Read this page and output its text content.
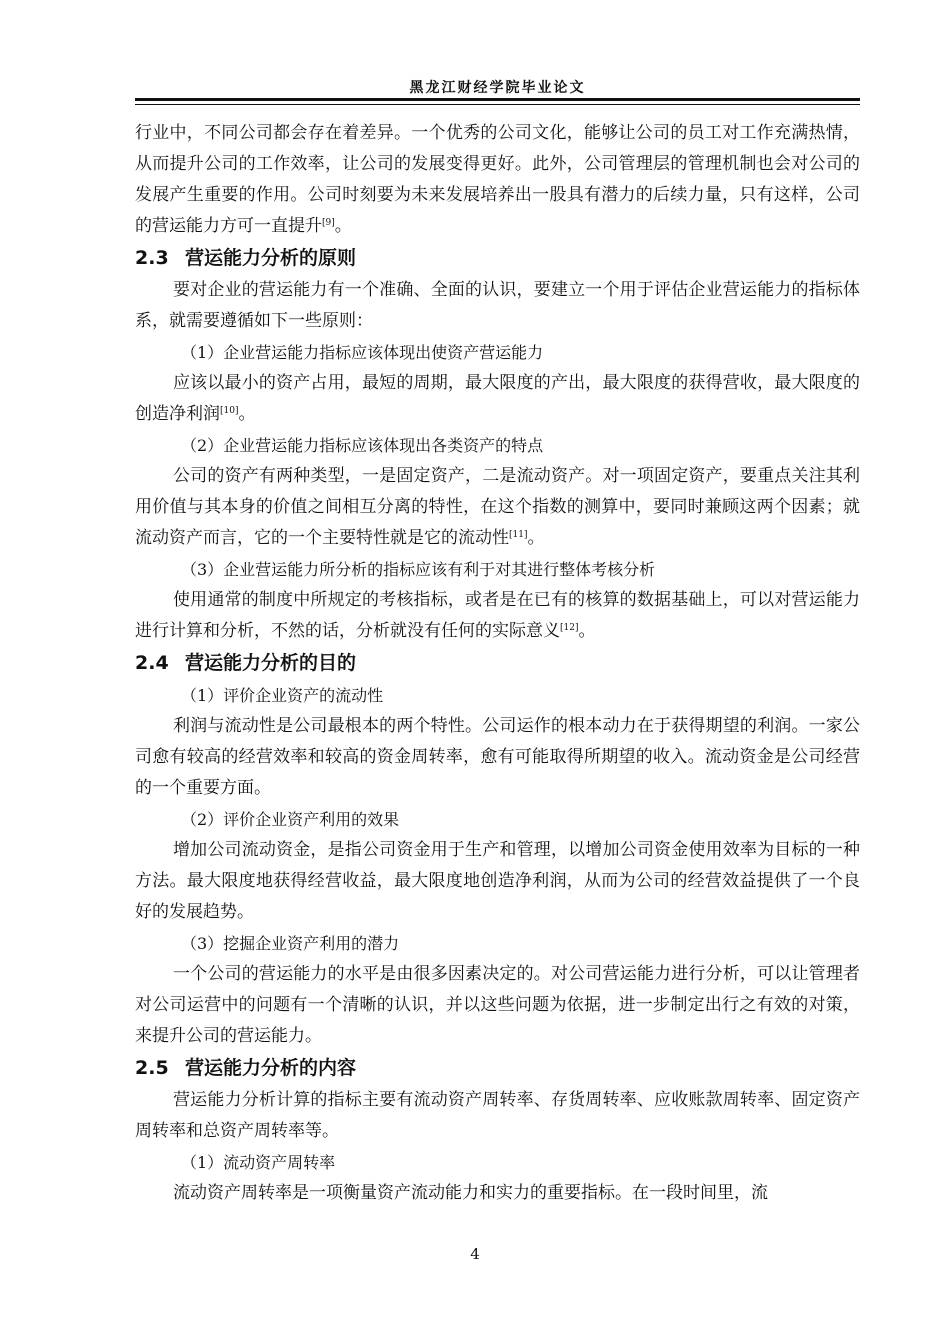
黑龙江财经学院毕业论文

行业中，不同公司都会存在着差异。一个优秀的公司文化，能够让公司的员工对工作充满热情，从而提升公司的工作效率，让公司的发展变得更好。此外，公司管理层的管理机制也会对公司的发展产生重要的作用。公司时刻要为未来发展培养出一股具有潜力的后续力量，只有这样，公司的营运能力方可一直提升[9]。

2.3 营运能力分析的原则

要对企业的营运能力有一个准确、全面的认识，要建立一个用于评估企业营运能力的指标体系，就需要遵循如下一些原则：

（1）企业营运能力指标应该体现出使资产营运能力

应该以最小的资产占用，最短的周期，最大限度的产出，最大限度的获得营收，最大限度的创造净利润[10]。

（2）企业营运能力指标应该体现出各类资产的特点

公司的资产有两种类型，一是固定资产，二是流动资产。对一项固定资产，要重点关注其利用价值与其本身的价值之间相互分离的特性，在这个指数的测算中，要同时兼顾这两个因素；就流动资产而言，它的一个主要特性就是它的流动性[11]。

（3）企业营运能力所分析的指标应该有利于对其进行整体考核分析

使用通常的制度中所规定的考核指标，或者是在已有的核算的数据基础上，可以对营运能力进行计算和分析，不然的话，分析就没有任何的实际意义[12]。

2.4 营运能力分析的目的

（1）评价企业资产的流动性

利润与流动性是公司最根本的两个特性。公司运作的根本动力在于获得期望的利润。一家公司愈有较高的经营效率和较高的资金周转率，愈有可能取得所期望的收入。流动资金是公司经营的一个重要方面。

（2）评价企业资产利用的效果

增加公司流动资金，是指公司资金用于生产和管理，以增加公司资金使用效率为目标的一种方法。最大限度地获得经营收益，最大限度地创造净利润，从而为公司的经营效益提供了一个良好的发展趋势。

（3）挖掘企业资产利用的潜力

一个公司的营运能力的水平是由很多因素决定的。对公司营运能力进行分析，可以让管理者对公司运营中的问题有一个清晰的认识，并以这些问题为依据，进一步制定出行之有效的对策，来提升公司的营运能力。

2.5 营运能力分析的内容

营运能力分析计算的指标主要有流动资产周转率、存货周转率、应收账款周转率、固定资产周转率和总资产周转率等。

（1）流动资产周转率

流动资产周转率是一项衡量资产流动能力和实力的重要指标。在一段时间里，流

4
